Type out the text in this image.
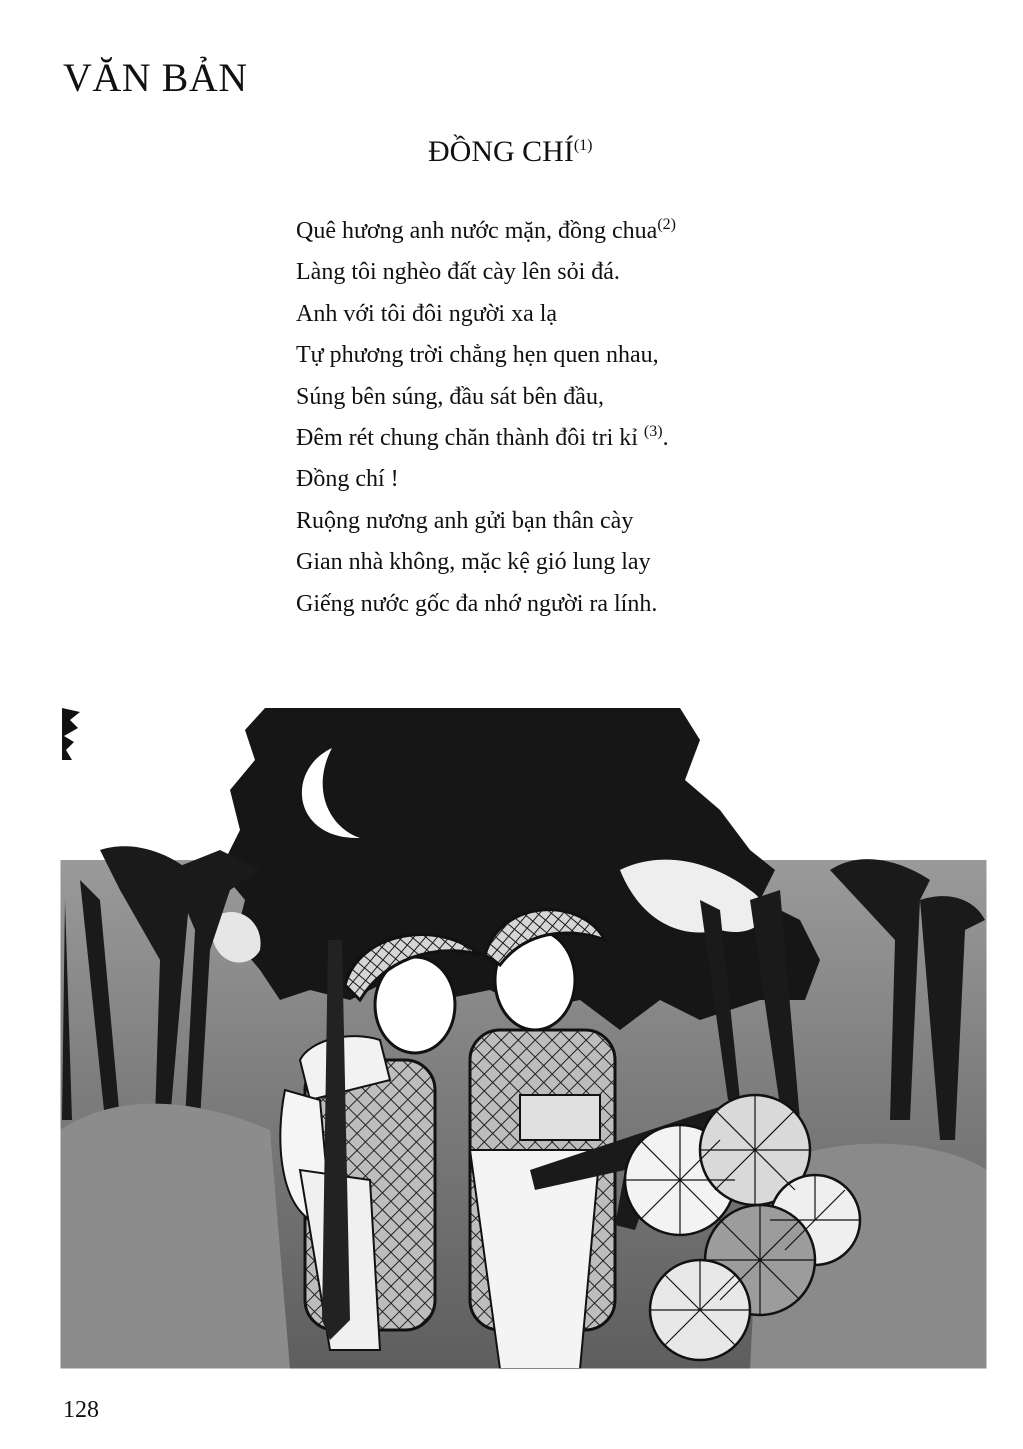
VĂN BẢN
ĐỒNG CHÍ$^{(1)}$
Quê hương anh nước mặn, đồng chua$^{(2)}$
Làng tôi nghèo đất cày lên sỏi đá.
Anh với tôi đôi người xa lạ
Tự phương trời chẳng hẹn quen nhau,
Súng bên súng, đầu sát bên đầu,
Đêm rét chung chăn thành đôi tri kỉ $^{(3)}$.
Đồng chí !
Ruộng nương anh gửi bạn thân cày
Gian nhà không, mặc kệ gió lung lay
Giếng nước gốc đa nhớ người ra lính.
128
